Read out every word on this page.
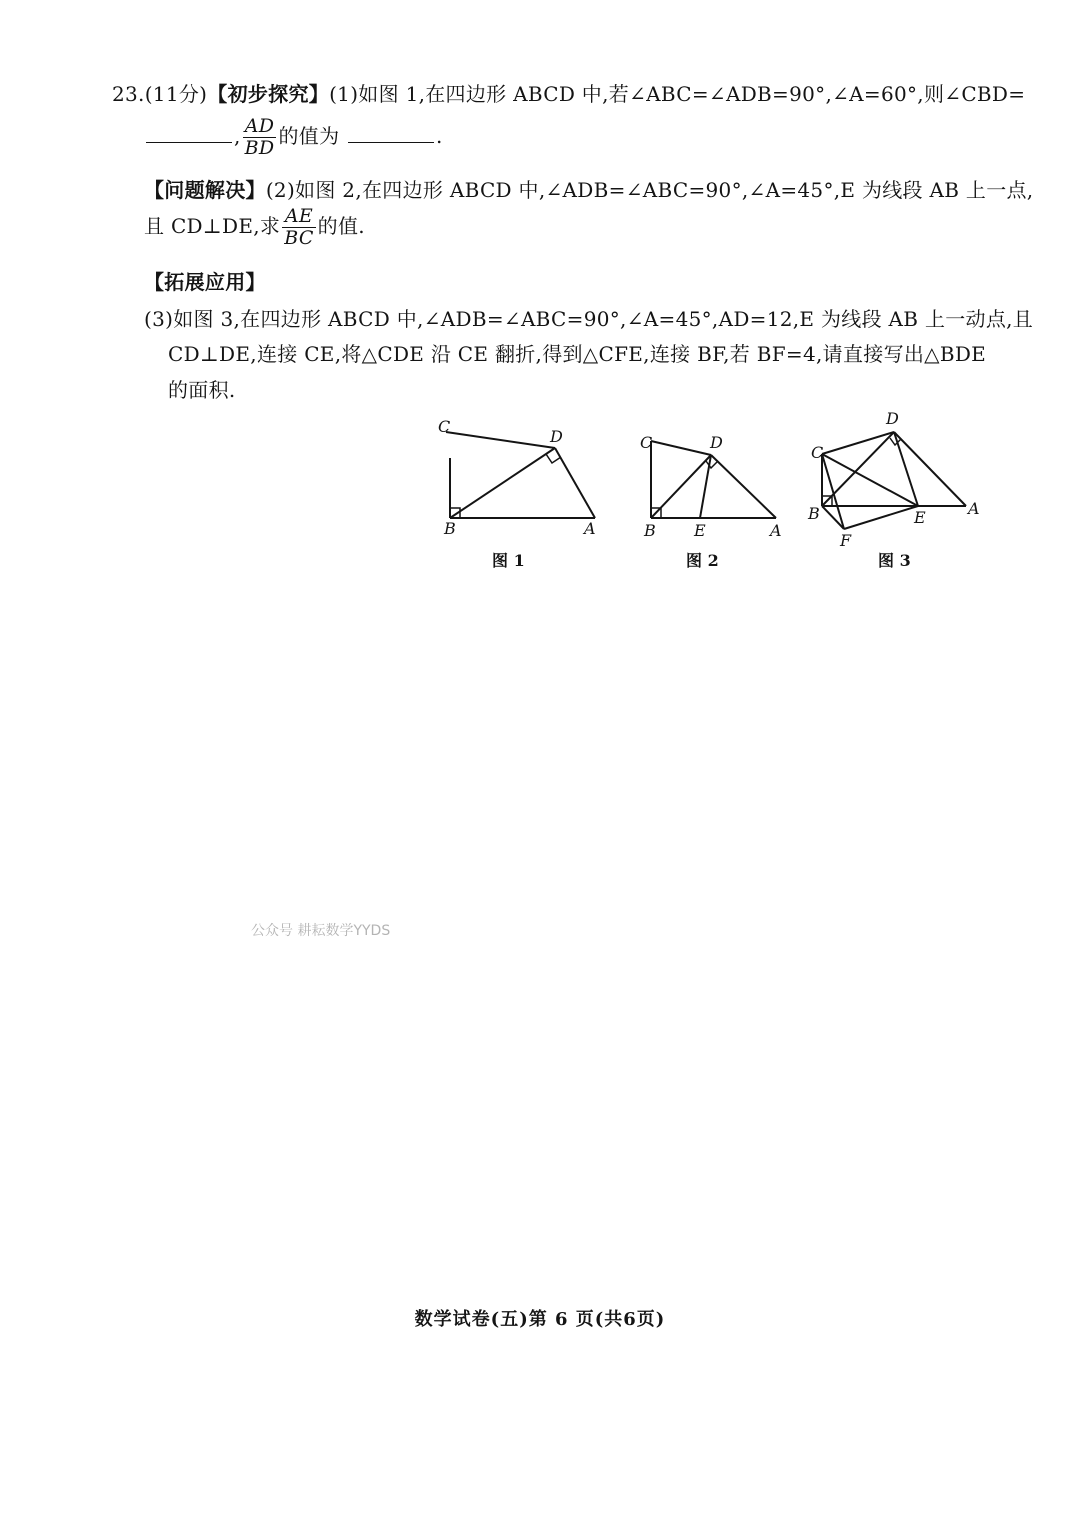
23.(11分)【初步探究】(1)如图 1,在四边形 ABCD 中,若∠ABC=∠ADB=90°,∠A=60°,则∠CBD=
, $\frac{AD}{BD}$ 的值为	.
【问题解决】(2)如图 2,在四边形 ABCD 中,∠ADB=∠ABC=90°,∠A=45°,E 为线段 AB 上一点,
且 CD⊥DE,求 $\frac{AE}{BC}$ 的值.
【拓展应用】
(3)如图 3,在四边形 ABCD 中,∠ADB=∠ABC=90°,∠A=45°,AD=12,E 为线段 AB 上一动点,且
CD⊥DE,连接 CE,将△CDE 沿 CE 翻折,得到△CFE,连接 BF,若 BF=4,请直接写出△BDE
的面积.
C
D
B	A
图 1
C	D
B E	A
图 2
D
C
B	E	A
F
图 3
公众号 耕耘数学YYDS
数学试卷(五)第 6 页(共6页)
